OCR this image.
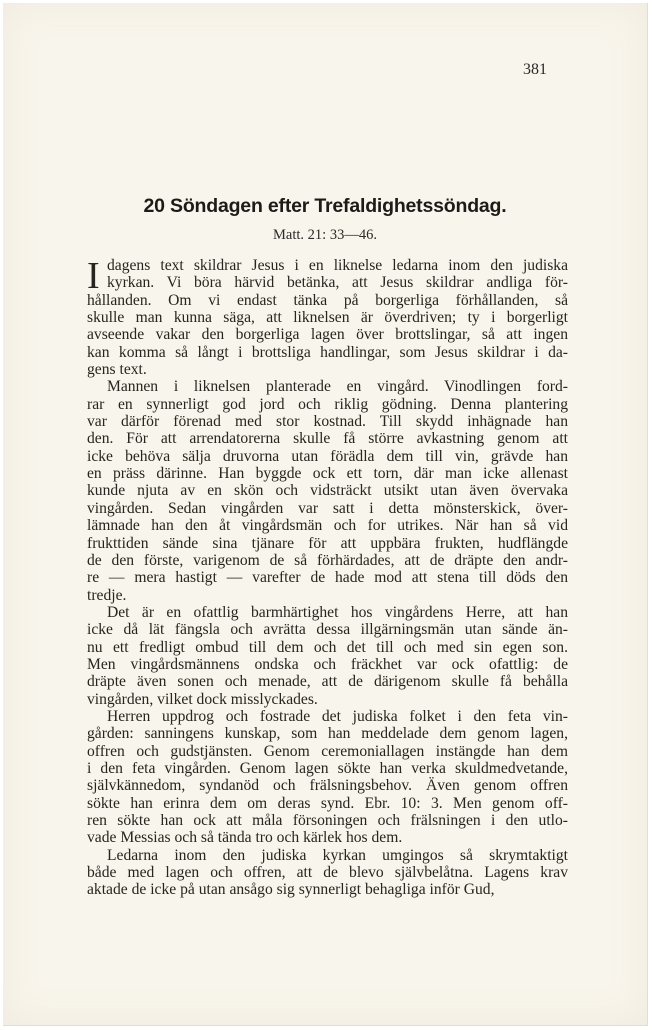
381
20 Söndagen efter Trefaldighetssöndag.
Matt. 21: 33—46.
I dagens text skildrar Jesus i en liknelse ledarna inom den judiska
kyrkan. Vi böra härvid betänka, att Jesus skildrar andliga för-
hållanden. Om vi endast tänka på borgerliga förhållanden, så
skulle man kunna säga, att liknelsen är överdriven; ty i borgerligt
avseende vakar den borgerliga lagen över brottslingar, så att ingen
kan komma så långt i brottsliga handlingar, som Jesus skildrar i da-
gens text.
Mannen i liknelsen planterade en vingård. Vinodlingen ford-
rar en synnerligt god jord och riklig gödning. Denna plantering
var därför förenad med stor kostnad. Till skydd inhägnade han
den. För att arrendatorerna skulle få större avkastning genom att
icke behöva sälja druvorna utan förädla dem till vin, grävde han
en präss därinne. Han byggde ock ett torn, där man icke allenast
kunde njuta av en skön och vidsträckt utsikt utan även övervaka
vingården. Sedan vingården var satt i detta mönsterskick, över-
lämnade han den åt vingårdsmän och for utrikes. När han så vid
frukttiden sände sina tjänare för att uppbära frukten, hudflängde
de den förste, varigenom de så förhärdades, att de dräpte den andr-
re — mera hastigt — varefter de hade mod att stena till döds den
tredje.
Det är en ofattlig barmhärtighet hos vingårdens Herre, att han
icke då lät fängsla och avrätta dessa illgärningsmän utan sände än-
nu ett fredligt ombud till dem och det till och med sin egen son.
Men vingårdsmännens ondska och fräckhet var ock ofattlig: de
dräpte även sonen och menade, att de därigenom skulle få behålla
vingården, vilket dock misslyckades.
Herren uppdrog och fostrade det judiska folket i den feta vin-
gården: sanningens kunskap, som han meddelade dem genom lagen,
offren och gudstjänsten. Genom ceremoniallagen instängde han dem
i den feta vingården. Genom lagen sökte han verka skuldmedvetande,
självkännedom, syndanöd och frälsningsbehov. Även genom offren
sökte han erinra dem om deras synd. Ebr. 10: 3. Men genom off-
ren sökte han ock att måla försoningen och frälsningen i den utlo-
vade Messias och så tända tro och kärlek hos dem.
Ledarna inom den judiska kyrkan umgingos så skrymtaktigt
både med lagen och offren, att de blevo självbelåtna. Lagens krav
aktade de icke på utan ansågo sig synnerligt behagliga inför Gud,
